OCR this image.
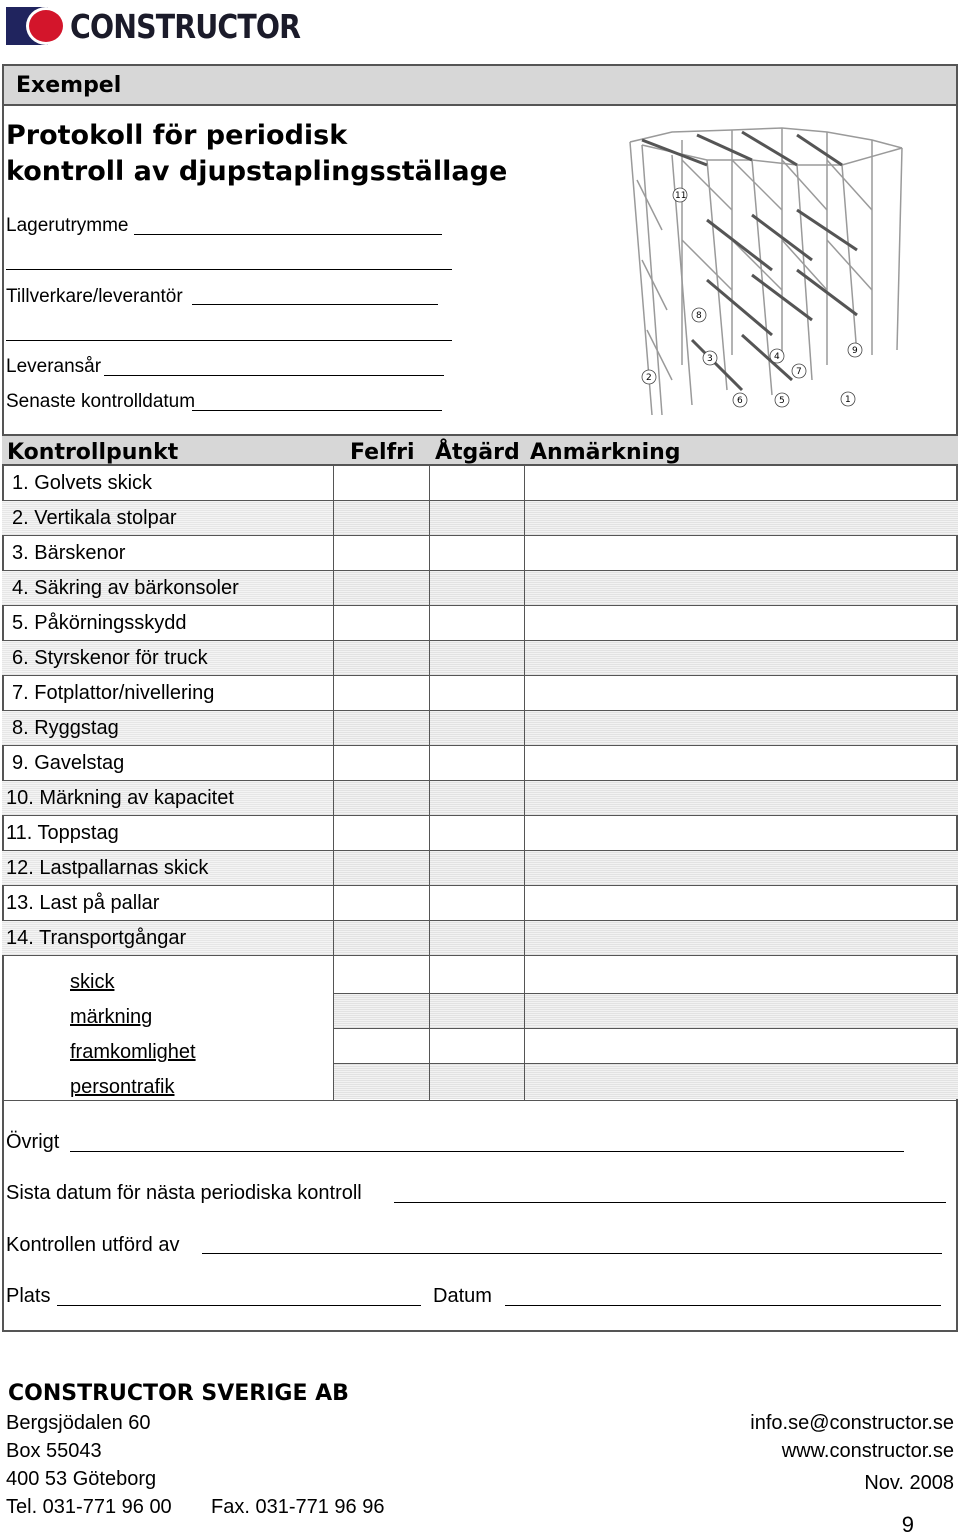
CONSTRUCTOR
Exempel
Protokoll för periodisk
kontroll av djupstaplingsställage
Lagerutrymme
Tillverkare/leverantör
Leveransår
Senaste kontrolldatum
11
8
3
2
4
7
9
6	5	1
Kontrollpunkt	Felfri Åtgärd Anmärkning
1. Golvets skick
2. Vertikala stolpar
3. Bärskenor
4. Säkring av bärkonsoler
5. Påkörningsskydd
6. Styrskenor för truck
7. Fotplattor/nivellering
8. Ryggstag
9. Gavelstag
10. Märkning av kapacitet
11. Toppstag
12. Lastpallarnas skick
13. Last på pallar
14. Transportgångar
skick
märkning
framkomlighet
persontrafik
Övrigt
Sista datum för nästa periodiska kontroll
Kontrollen utförd av
Plats	Datum
CONSTRUCTOR SVERIGE AB
Bergsjödalen 60
Box 55043
400 53 Göteborg
Tel. 031-771 96 00 Fax. 031-771 96 96
info.se@constructor.se
www.constructor.se
Nov. 2008
9
